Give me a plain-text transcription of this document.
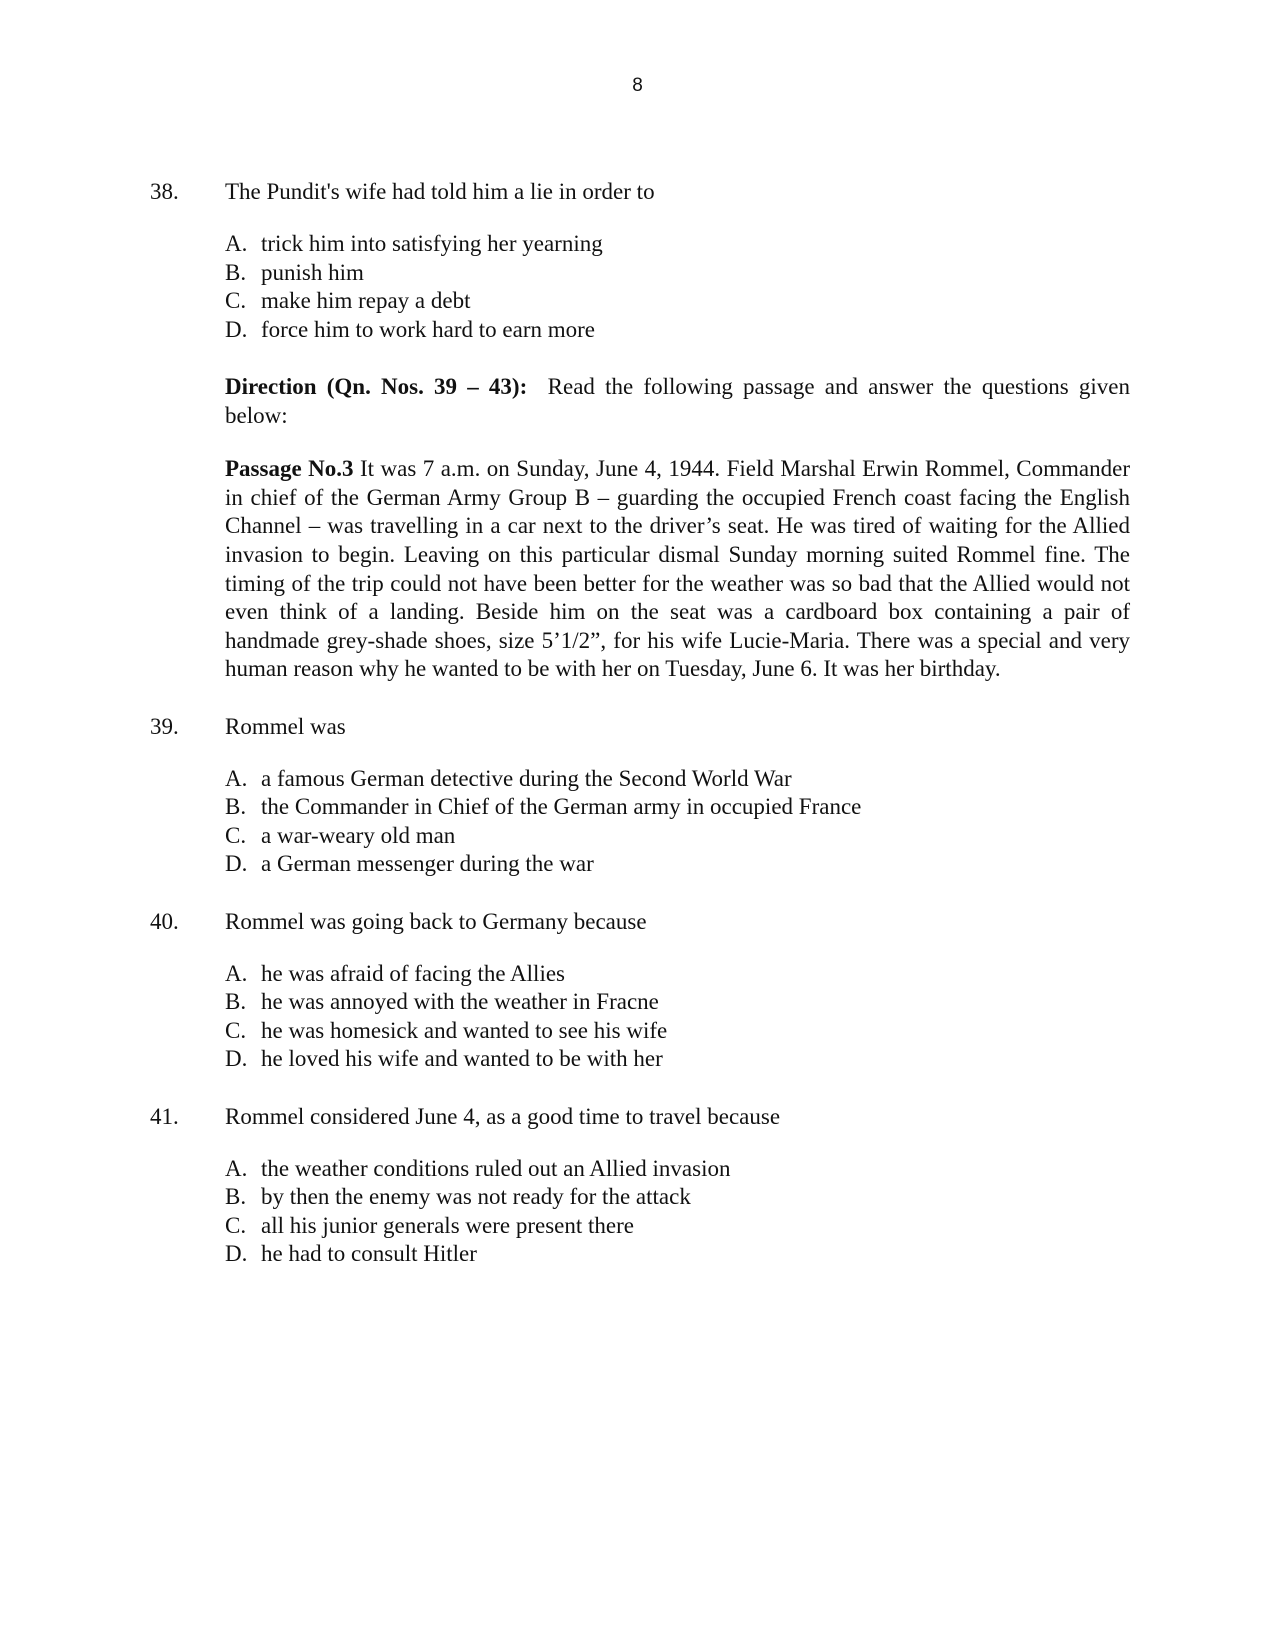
8
38.	The Pundit's wife had told him a lie in order to
A. trick him into satisfying her yearning
B. punish him
C. make him repay a debt
D. force him to work hard to earn more
Direction (Qn. Nos. 39 – 43): Read the following passage and answer the questions given below:
Passage No.3 It was 7 a.m. on Sunday, June 4, 1944. Field Marshal Erwin Rommel, Commander in chief of the German Army Group B – guarding the occupied French coast facing the English Channel – was travelling in a car next to the driver’s seat. He was tired of waiting for the Allied invasion to begin. Leaving on this particular dismal Sunday morning suited Rommel fine. The timing of the trip could not have been better for the weather was so bad that the Allied would not even think of a landing. Beside him on the seat was a cardboard box containing a pair of handmade grey-shade shoes, size 5’1/2”, for his wife Lucie-Maria. There was a special and very human reason why he wanted to be with her on Tuesday, June 6. It was her birthday.
39.	Rommel was
A. a famous German detective during the Second World War
B. the Commander in Chief of the German army in occupied France
C. a war-weary old man
D. a German messenger during the war
40.	Rommel was going back to Germany because
A. he was afraid of facing the Allies
B. he was annoyed with the weather in Fracne
C. he was homesick and wanted to see his wife
D. he loved his wife and wanted to be with her
41.	Rommel considered June 4, as a good time to travel because
A. the weather conditions ruled out an Allied invasion
B. by then the enemy was not ready for the attack
C. all his junior generals were present there
D. he had to consult Hitler
